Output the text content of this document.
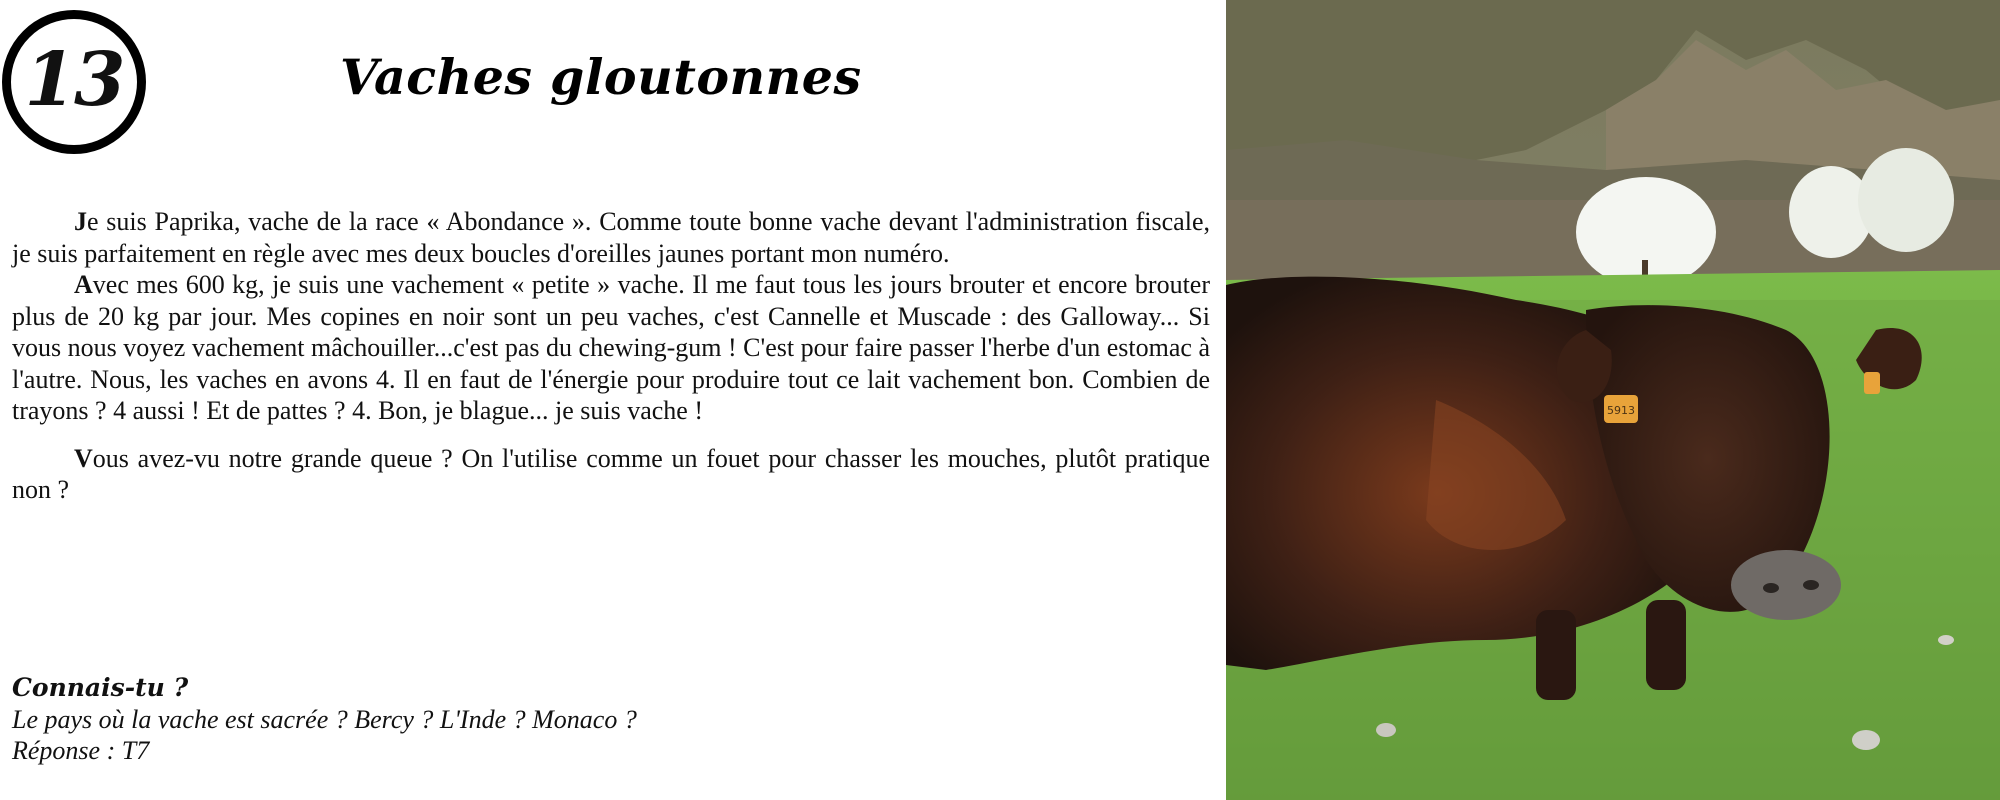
13	Vaches gloutonnes

Je suis Paprika, vache de la race « Abondance ». Comme toute bonne vache devant l'administration fiscale, je suis parfaitement en règle avec mes deux boucles d'oreilles jaunes portant mon numéro.

Avec mes 600 kg, je suis une vachement « petite » vache. Il me faut tous les jours brouter et encore brouter plus de 20 kg par jour. Mes copines en noir sont un peu vaches, c'est Cannelle et Muscade : des Galloway... Si vous nous voyez vachement mâchouiller...c'est pas du chewing-gum ! C'est pour faire passer l'herbe d'un estomac à l'autre. Nous, les vaches en avons 4. Il en faut de l'énergie pour produire tout ce lait vachement bon. Combien de trayons ? 4 aussi ! Et de pattes ? 4. Bon, je blague... je suis vache !

Vous avez-vu notre grande queue ? On l'utilise comme un fouet pour chasser les mouches, plutôt pratique non ?

Connais-tu ?
Le pays où la vache est sacrée ? Bercy ? L'Inde ? Monaco ?
Réponse : T7
5913
